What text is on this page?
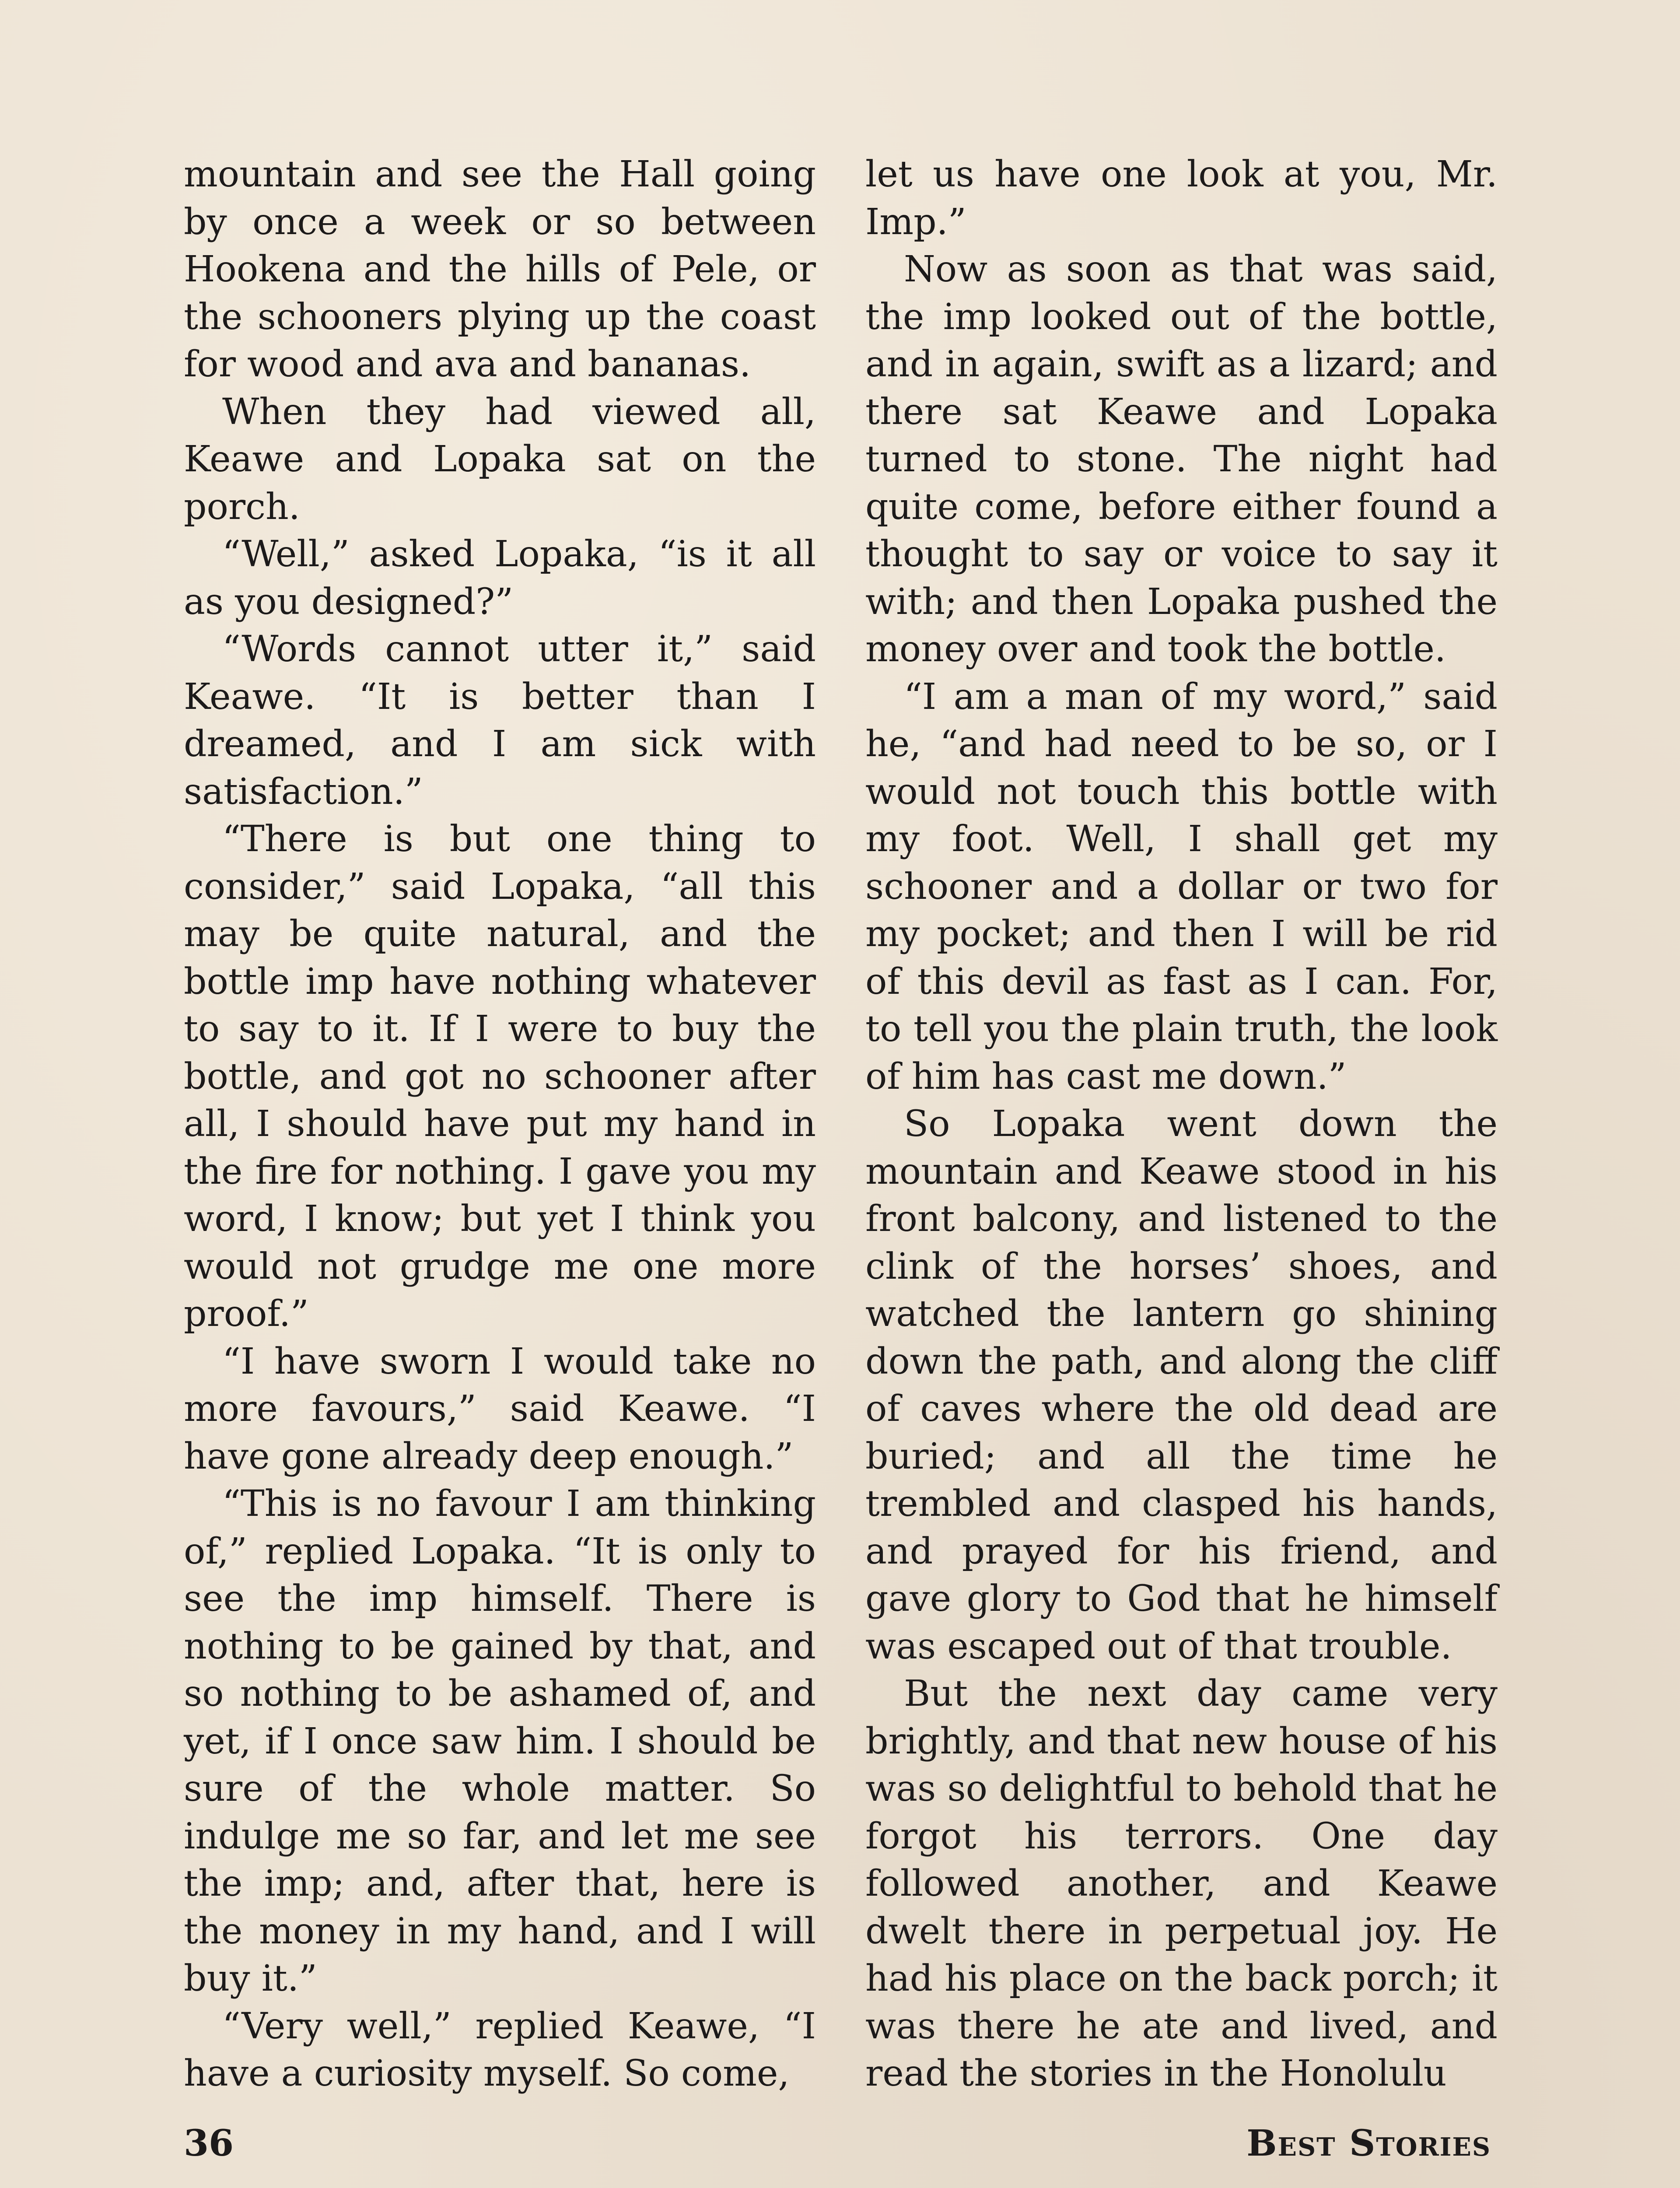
mountain and see the Hall going by once a week or so between Hookena and the hills of Pele, or the schooners plying up the coast for wood and ava and bananas.

When they had viewed all, Keawe and Lopaka sat on the porch.

“Well,” asked Lopaka, “is it all as you designed?”

“Words cannot utter it,” said Keawe. “It is better than I dreamed, and I am sick with satisfaction.”

“There is but one thing to consider,” said Lopaka, “all this may be quite natural, and the bottle imp have nothing whatever to say to it. If I were to buy the bottle, and got no schooner after all, I should have put my hand in the fire for nothing. I gave you my word, I know; but yet I think you would not grudge me one more proof.”

“I have sworn I would take no more favours,” said Keawe. “I have gone already deep enough.”

“This is no favour I am thinking of,” replied Lopaka. “It is only to see the imp himself. There is nothing to be gained by that, and so nothing to be ashamed of, and yet, if I once saw him. I should be sure of the whole matter. So indulge me so far, and let me see the imp; and, after that, here is the money in my hand, and I will buy it.”

“Very well,” replied Keawe, “I have a curiosity myself. So come,

let us have one look at you, Mr. Imp.”

Now as soon as that was said, the imp looked out of the bottle, and in again, swift as a lizard; and there sat Keawe and Lopaka turned to stone. The night had quite come, before either found a thought to say or voice to say it with; and then Lopaka pushed the money over and took the bottle.

“I am a man of my word,” said he, “and had need to be so, or I would not touch this bottle with my foot. Well, I shall get my schooner and a dollar or two for my pocket; and then I will be rid of this devil as fast as I can. For, to tell you the plain truth, the look of him has cast me down.”

So Lopaka went down the mountain and Keawe stood in his front balcony, and listened to the clink of the horses’ shoes, and watched the lantern go shining down the path, and along the cliff of caves where the old dead are buried; and all the time he trembled and clasped his hands, and prayed for his friend, and gave glory to God that he himself was escaped out of that trouble.

But the next day came very brightly, and that new house of his was so delightful to behold that he forgot his terrors. One day followed another, and Keawe dwelt there in perpetual joy. He had his place on the back porch; it was there he ate and lived, and read the stories in the Honolulu

36	Best Stories
